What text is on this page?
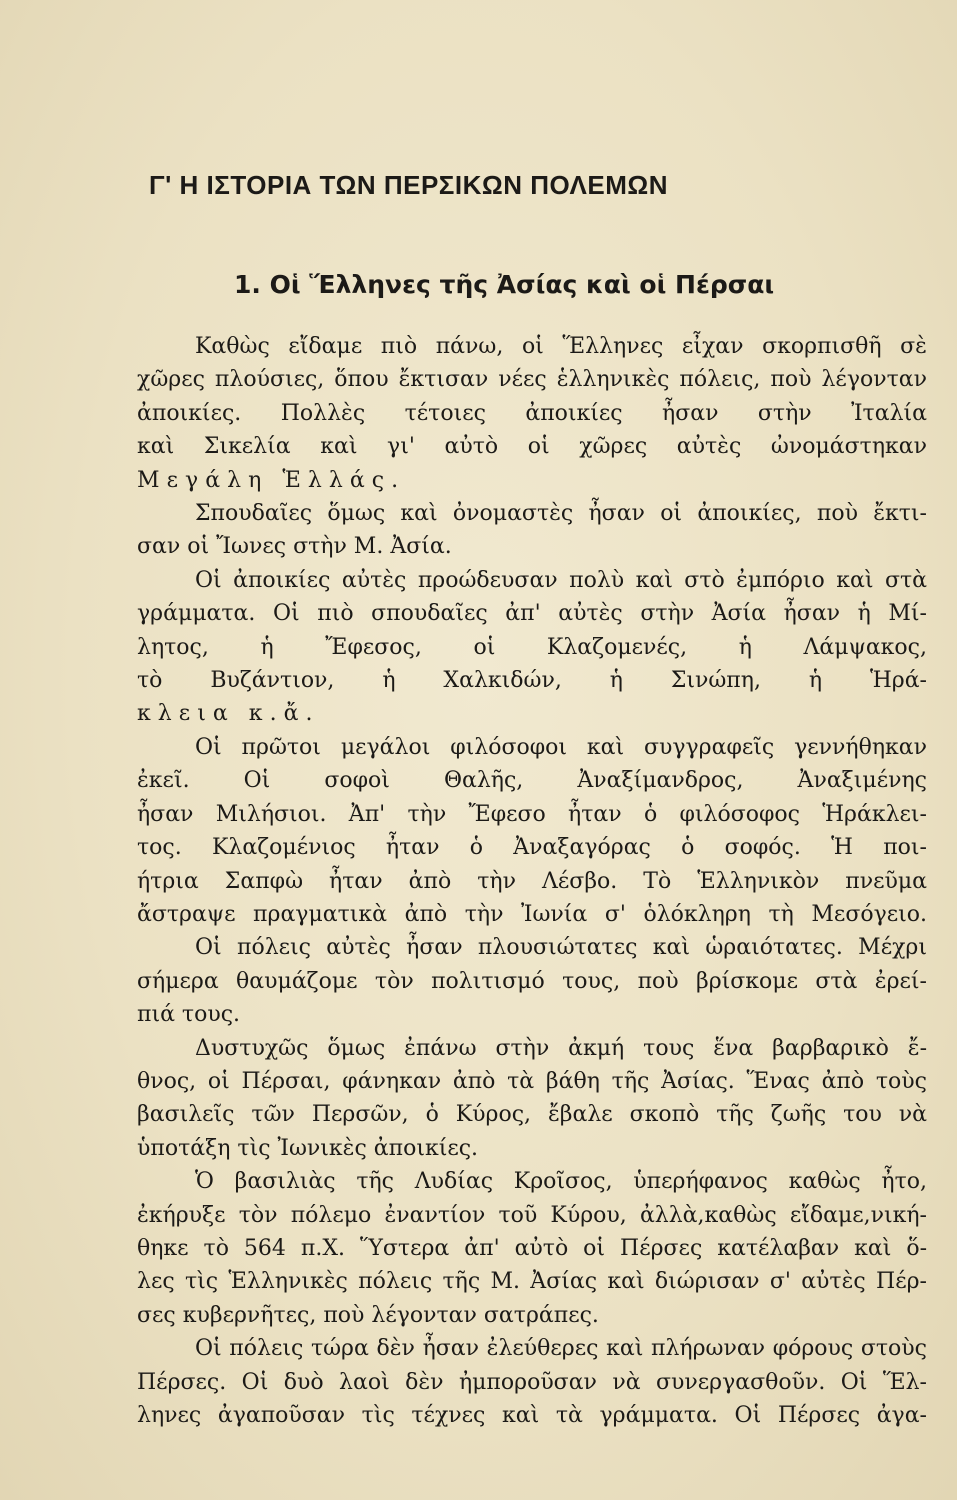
Γ' Η ΙΣΤΟΡΙΑ ΤΩΝ ΠΕΡΣΙΚΩΝ ΠΟΛΕΜΩΝ
1. Οἱ Ἕλληνες τῆς Ἀσίας καὶ οἱ Πέρσαι
Καθὼς εἴδαμε πιὸ πάνω, οἱ Ἕλληνες εἶχαν σκορπισθῆ σὲ
χῶρες πλούσιες, ὅπου ἔκτισαν νέες ἑλληνικὲς πόλεις, ποὺ λέγονταν
ἀποικίες. Πολλὲς τέτοιες ἀποικίες ἦσαν στὴν Ἰταλία
καὶ Σικελία καὶ γι' αὐτὸ οἱ χῶρες αὐτὲς ὠνομάστηκαν
Μεγάλη Ἑλλάς.
Σπουδαῖες ὅμως καὶ ὀνομαστὲς ἦσαν οἱ ἀποικίες, ποὺ ἔκτι-
σαν οἱ Ἴωνες στὴν Μ. Ἀσία.
Οἱ ἀποικίες αὐτὲς προώδευσαν πολὺ καὶ στὸ ἐμπόριο καὶ στὰ
γράμματα. Οἱ πιὸ σπουδαῖες ἀπ' αὐτὲς στὴν Ἀσία ἦσαν ἡ Μί-
λητος, ἡ Ἔφεσος, οἱ Κλαζομενές, ἡ Λάμψακος,
τὸ Βυζάντιον, ἡ Χαλκιδών, ἡ Σινώπη, ἡ Ἡρά-
κλεια κ.ἄ.
Οἱ πρῶτοι μεγάλοι φιλόσοφοι καὶ συγγραφεῖς γεννήθηκαν
ἐκεῖ. Οἱ σοφοὶ Θαλῆς, Ἀναξίμανδρος, Ἀναξιμένης
ἦσαν Μιλήσιοι. Ἀπ' τὴν Ἔφεσο ἦταν ὁ φιλόσοφος Ἡράκλει-
τος. Κλαζομένιος ἦταν ὁ Ἀναξαγόρας ὁ σοφός. Ἡ ποι-
ήτρια Σαπφὼ ἦταν ἀπὸ τὴν Λέσβο. Τὸ Ἑλληνικὸν πνεῦμα
ἄστραψε πραγματικὰ ἀπὸ τὴν Ἰωνία σ' ὁλόκληρη τὴ Μεσόγειο.
Οἱ πόλεις αὐτὲς ἦσαν πλουσιώτατες καὶ ὡραιότατες. Μέχρι
σήμερα θαυμάζομε τὸν πολιτισμό τους, ποὺ βρίσκομε στὰ ἐρεί-
πιά τους.
Δυστυχῶς ὅμως ἐπάνω στὴν ἀκμή τους ἕνα βαρβαρικὸ ἔ-
θνος, οἱ Πέρσαι, φάνηκαν ἀπὸ τὰ βάθη τῆς Ἀσίας. Ἕνας ἀπὸ τοὺς
βασιλεῖς τῶν Περσῶν, ὁ Κύρος, ἔβαλε σκοπὸ τῆς ζωῆς του νὰ
ὑποτάξη τὶς Ἰωνικὲς ἀποικίες.
Ὁ βασιλιὰς τῆς Λυδίας Κροῖσος, ὑπερήφανος καθὼς ἦτο,
ἐκήρυξε τὸν πόλεμο ἐναντίον τοῦ Κύρου, ἀλλὰ,καθὼς εἴδαμε,νική-
θηκε τὸ 564 π.Χ. Ὕστερα ἀπ' αὐτὸ οἱ Πέρσες κατέλαβαν καὶ ὅ-
λες τὶς Ἑλληνικὲς πόλεις τῆς Μ. Ἀσίας καὶ διώρισαν σ' αὐτὲς Πέρ-
σες κυβερνῆτες, ποὺ λέγονταν σατράπες.
Οἱ πόλεις τώρα δὲν ἦσαν ἐλεύθερες καὶ πλήρωναν φόρους στοὺς
Πέρσες. Οἱ δυὸ λαοὶ δὲν ἠμποροῦσαν νὰ συνεργασθοῦν. Οἱ Ἕλ-
ληνες ἀγαποῦσαν τὶς τέχνες καὶ τὰ γράμματα. Οἱ Πέρσες ἀγα-
